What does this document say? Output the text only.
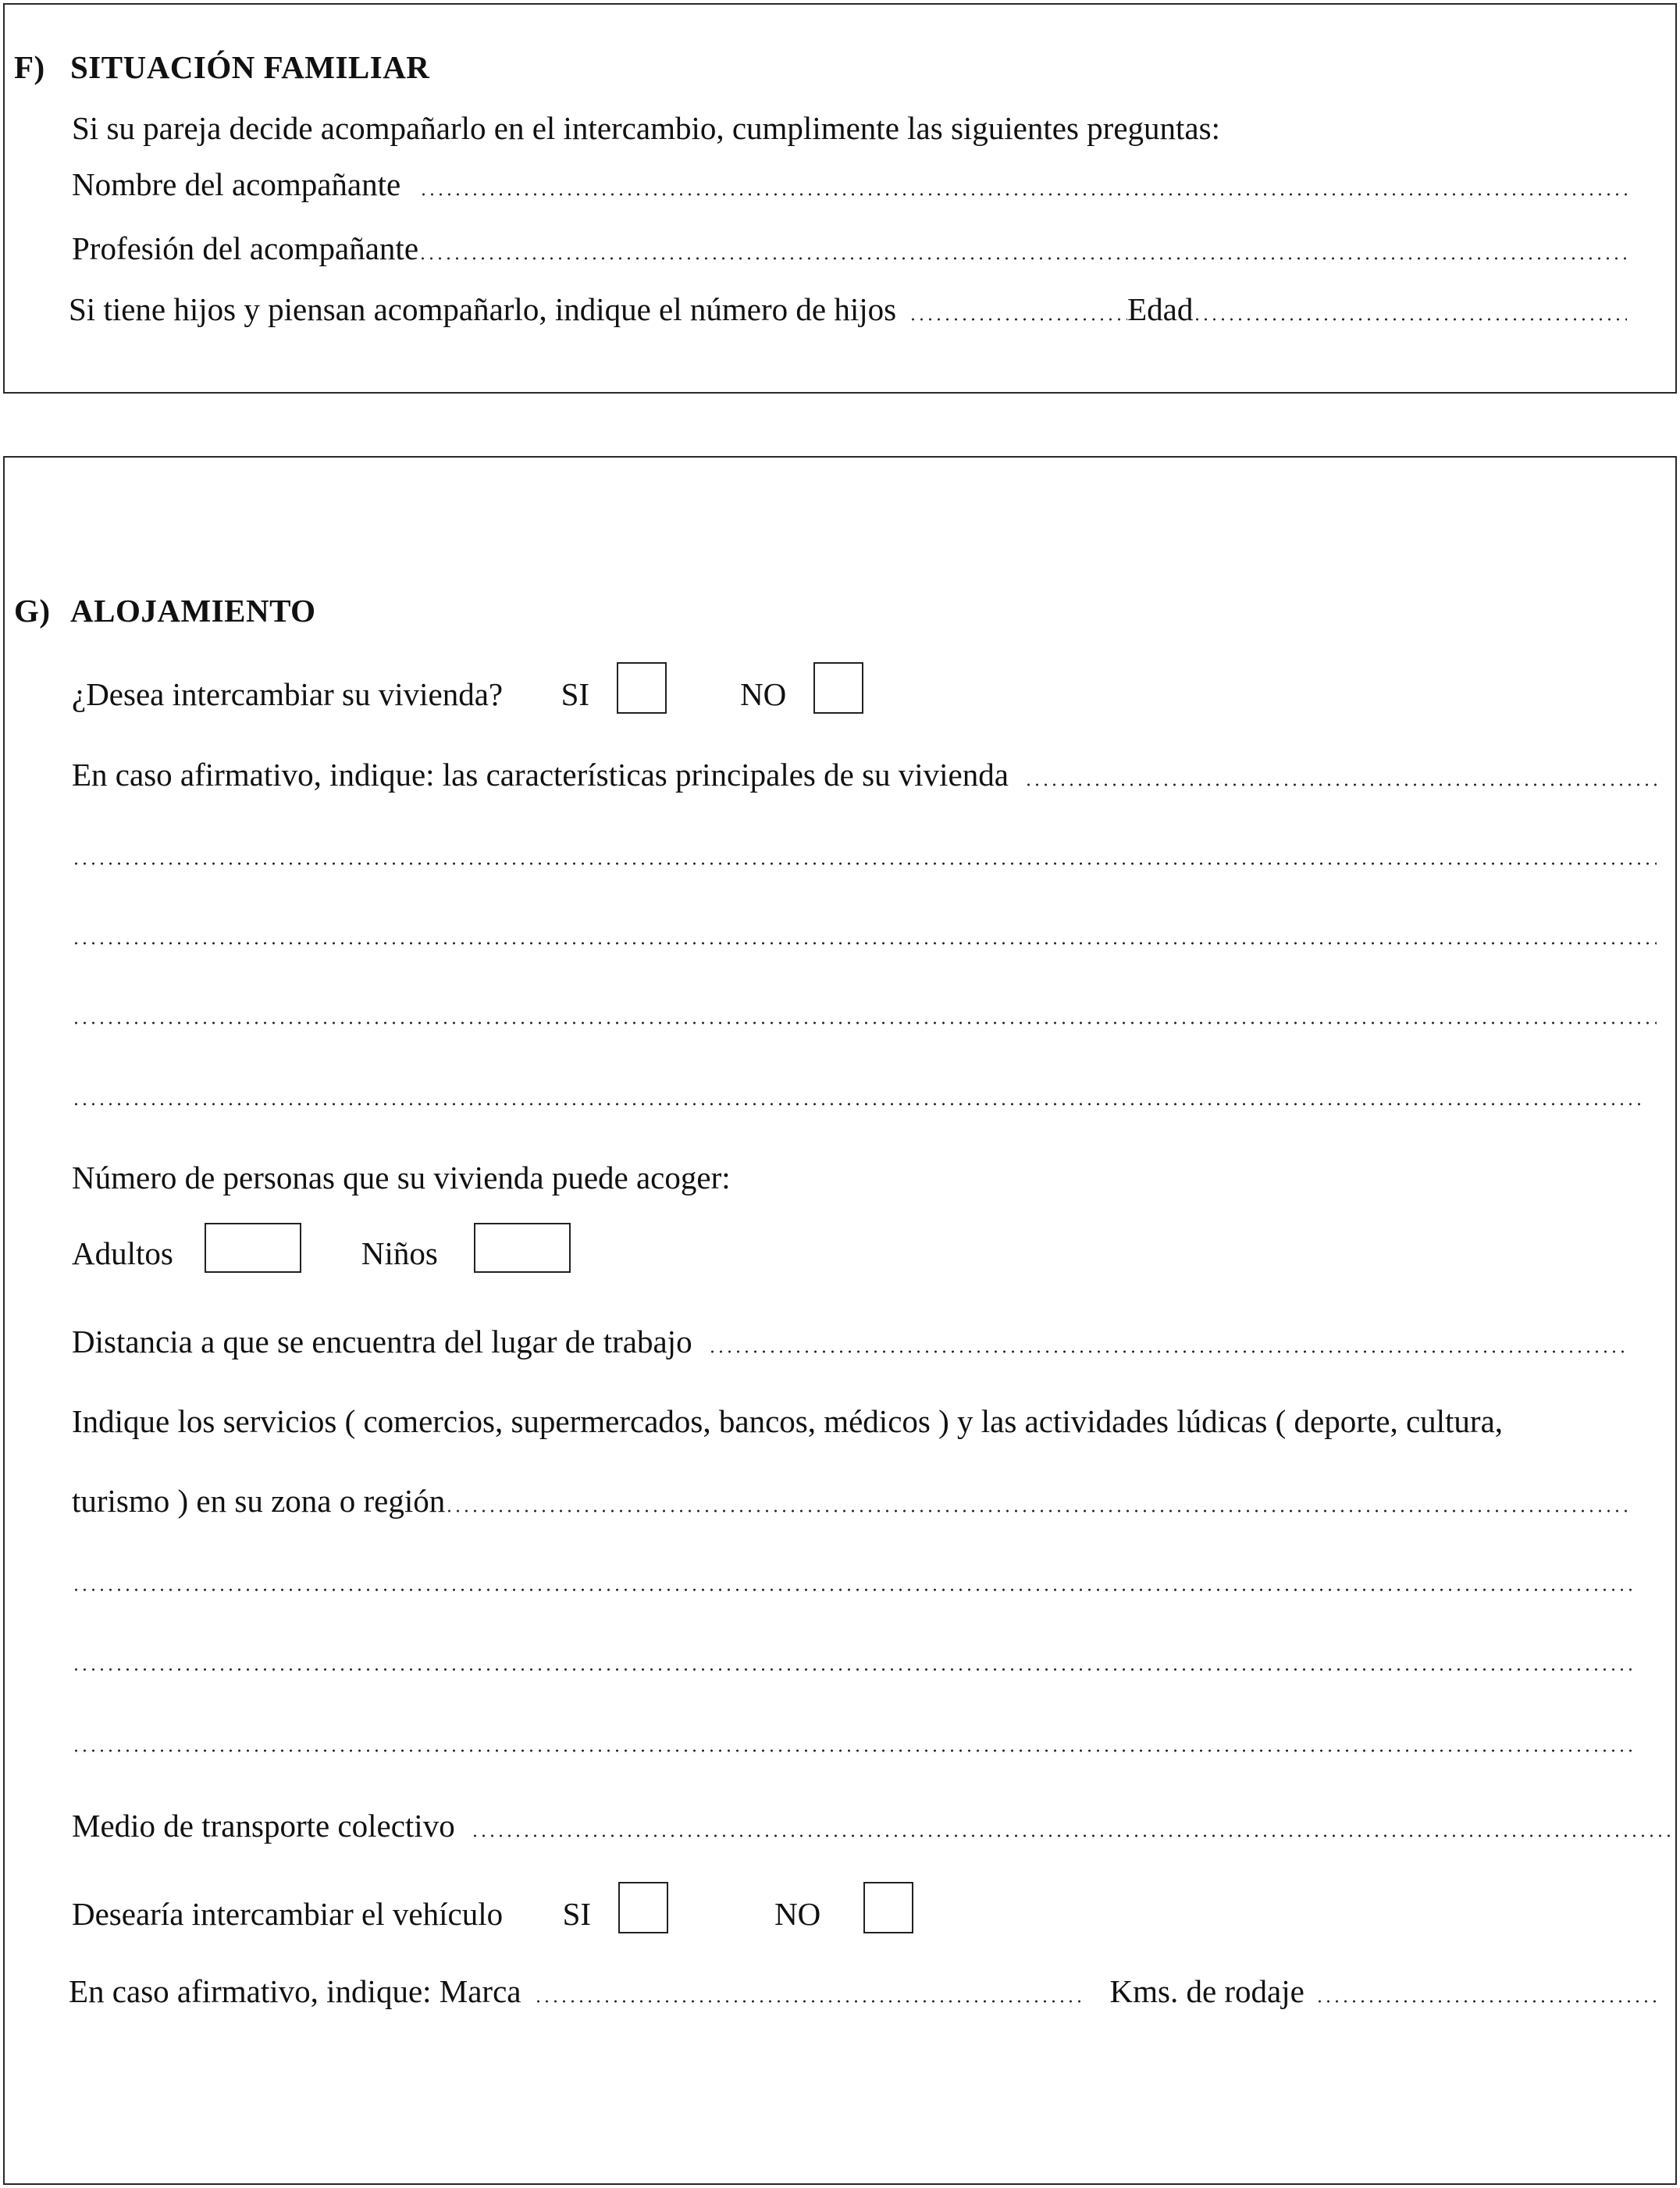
F) SITUACIÓN FAMILIAR
Si su pareja decide acompañarlo en el intercambio, cumplimente las siguientes preguntas:
Nombre del acompañante
Profesión del acompañante
Si tiene hijos y piensan acompañarlo, indique el número de hijos	Edad
G) ALOJAMIENTO
¿Desea intercambiar su vivienda? SI	NO
En caso afirmativo, indique: las características principales de su vivienda
Número de personas que su vivienda puede acoger:
Adultos	Niños
Distancia a que se encuentra del lugar de trabajo
Indique los servicios ( comercios, supermercados, bancos, médicos ) y las actividades lúdicas ( deporte, cultura,
turismo ) en su zona o región
Medio de transporte colectivo
Desearía intercambiar el vehículo SI	NO
En caso afirmativo, indique: Marca	Kms. de rodaje
